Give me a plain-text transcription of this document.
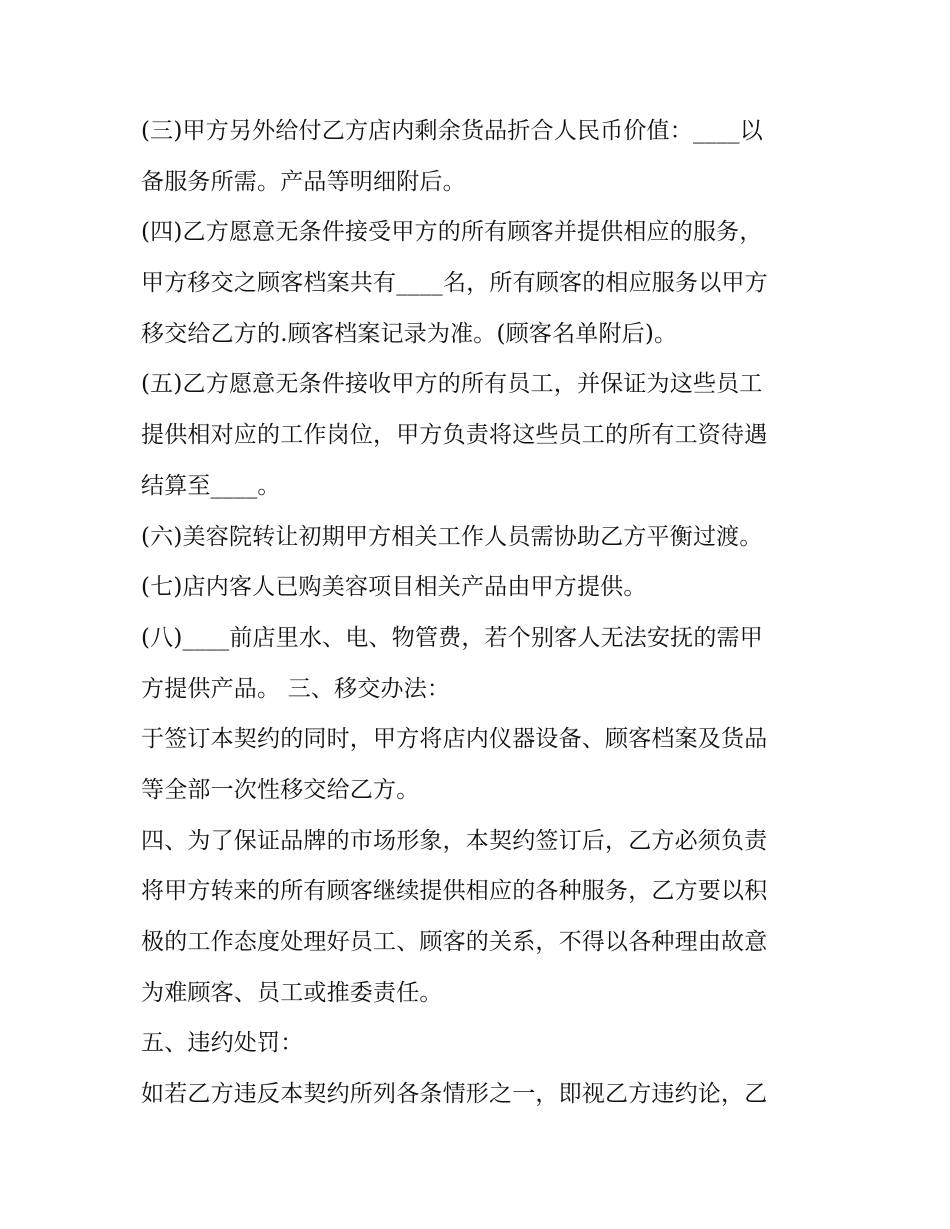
(三)甲方另外给付乙方店内剩余货品折合人民币价值：____以
备服务所需。产品等明细附后。
(四)乙方愿意无条件接受甲方的所有顾客并提供相应的服务，
甲方移交之顾客档案共有____名，所有顾客的相应服务以甲方
移交给乙方的.顾客档案记录为准。(顾客名单附后)。
(五)乙方愿意无条件接收甲方的所有员工，并保证为这些员工
提供相对应的工作岗位，甲方负责将这些员工的所有工资待遇
结算至____。
(六)美容院转让初期甲方相关工作人员需协助乙方平衡过渡。
(七)店内客人已购美容项目相关产品由甲方提供。
(八)____前店里水、电、物管费，若个别客人无法安抚的需甲
方提供产品。 三、移交办法：
于签订本契约的同时，甲方将店内仪器设备、顾客档案及货品
等全部一次性移交给乙方。
四、为了保证品牌的市场形象，本契约签订后，乙方必须负责
将甲方转来的所有顾客继续提供相应的各种服务，乙方要以积
极的工作态度处理好员工、顾客的关系，不得以各种理由故意
为难顾客、员工或推委责任。
五、违约处罚：
如若乙方违反本契约所列各条情形之一，即视乙方违约论，乙
